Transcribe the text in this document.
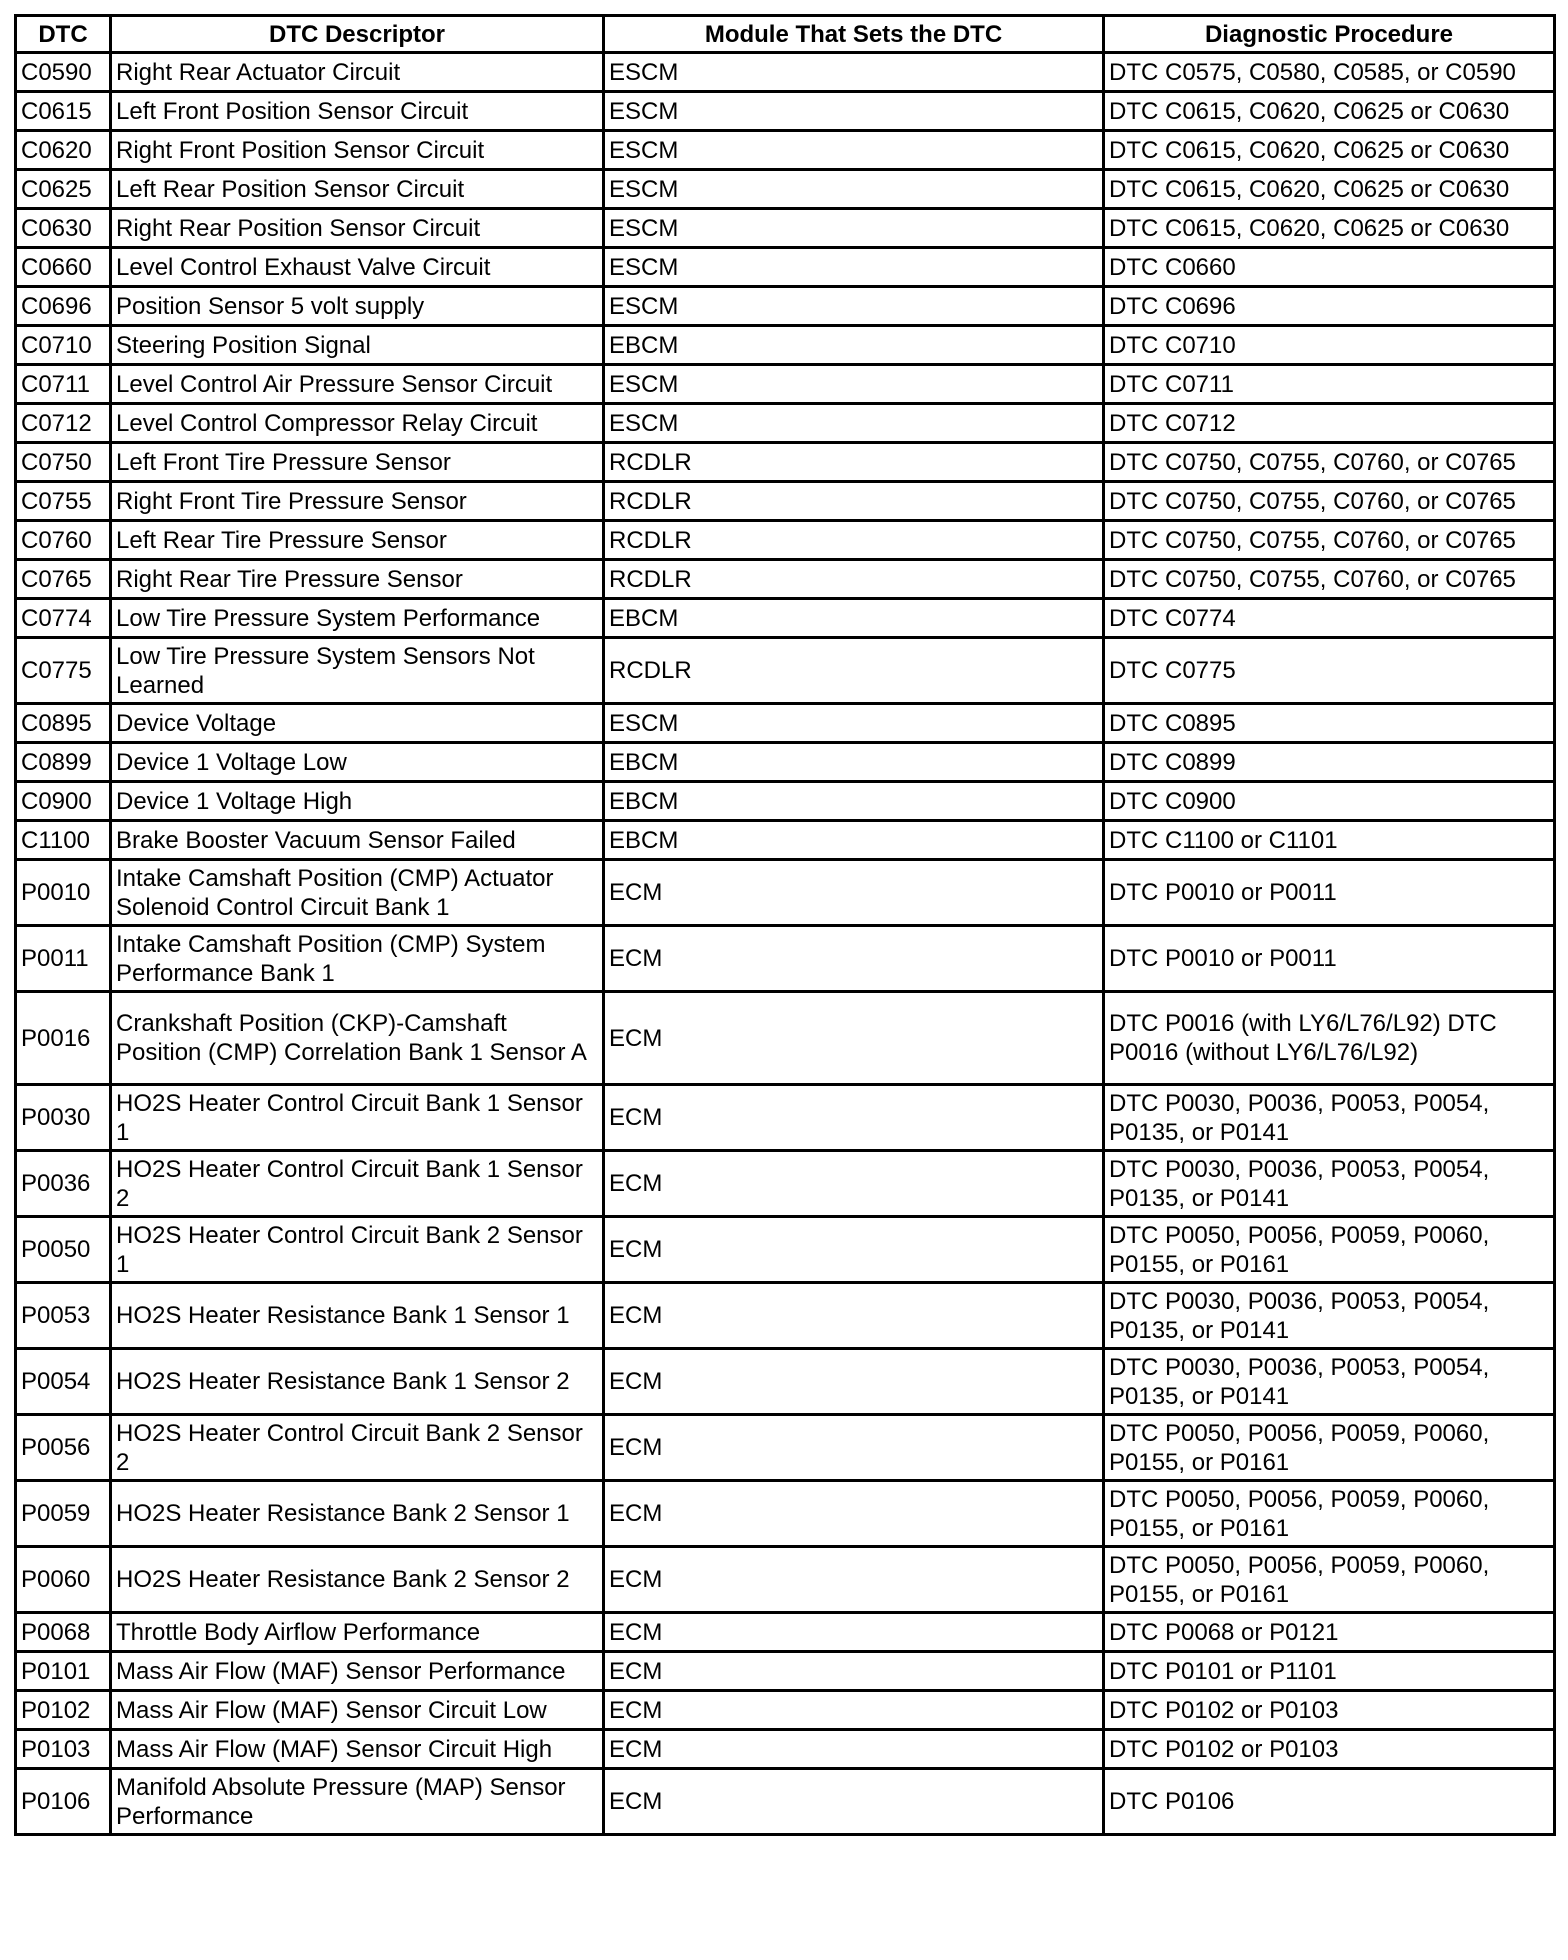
DTC	DTC Descriptor	Module That Sets the DTC	Diagnostic Procedure
C0590	Right Rear Actuator Circuit	ESCM	DTC C0575, C0580, C0585, or C0590
C0615	Left Front Position Sensor Circuit	ESCM	DTC C0615, C0620, C0625 or C0630
C0620	Right Front Position Sensor Circuit	ESCM	DTC C0615, C0620, C0625 or C0630
C0625	Left Rear Position Sensor Circuit	ESCM	DTC C0615, C0620, C0625 or C0630
C0630	Right Rear Position Sensor Circuit	ESCM	DTC C0615, C0620, C0625 or C0630
C0660	Level Control Exhaust Valve Circuit	ESCM	DTC C0660
C0696	Position Sensor 5 volt supply	ESCM	DTC C0696
C0710	Steering Position Signal	EBCM	DTC C0710
C0711	Level Control Air Pressure Sensor Circuit	ESCM	DTC C0711
C0712	Level Control Compressor Relay Circuit	ESCM	DTC C0712
C0750	Left Front Tire Pressure Sensor	RCDLR	DTC C0750, C0755, C0760, or C0765
C0755	Right Front Tire Pressure Sensor	RCDLR	DTC C0750, C0755, C0760, or C0765
C0760	Left Rear Tire Pressure Sensor	RCDLR	DTC C0750, C0755, C0760, or C0765
C0765	Right Rear Tire Pressure Sensor	RCDLR	DTC C0750, C0755, C0760, or C0765
C0774	Low Tire Pressure System Performance	EBCM	DTC C0774
C0775	Low Tire Pressure System Sensors Not Learned	RCDLR	DTC C0775
C0895	Device Voltage	ESCM	DTC C0895
C0899	Device 1 Voltage Low	EBCM	DTC C0899
C0900	Device 1 Voltage High	EBCM	DTC C0900
C1100	Brake Booster Vacuum Sensor Failed	EBCM	DTC C1100 or C1101
P0010	Intake Camshaft Position (CMP) Actuator Solenoid Control Circuit Bank 1	ECM	DTC P0010 or P0011
P0011	Intake Camshaft Position (CMP) System Performance Bank 1	ECM	DTC P0010 or P0011
P0016	Crankshaft Position (CKP)-Camshaft Position (CMP) Correlation Bank 1 Sensor A	ECM	DTC P0016 (with LY6/L76/L92) DTC P0016 (without LY6/L76/L92)
P0030	HO2S Heater Control Circuit Bank 1 Sensor 1	ECM	DTC P0030, P0036, P0053, P0054, P0135, or P0141
P0036	HO2S Heater Control Circuit Bank 1 Sensor 2	ECM	DTC P0030, P0036, P0053, P0054, P0135, or P0141
P0050	HO2S Heater Control Circuit Bank 2 Sensor 1	ECM	DTC P0050, P0056, P0059, P0060, P0155, or P0161
P0053	HO2S Heater Resistance Bank 1 Sensor 1	ECM	DTC P0030, P0036, P0053, P0054, P0135, or P0141
P0054	HO2S Heater Resistance Bank 1 Sensor 2	ECM	DTC P0030, P0036, P0053, P0054, P0135, or P0141
P0056	HO2S Heater Control Circuit Bank 2 Sensor 2	ECM	DTC P0050, P0056, P0059, P0060, P0155, or P0161
P0059	HO2S Heater Resistance Bank 2 Sensor 1	ECM	DTC P0050, P0056, P0059, P0060, P0155, or P0161
P0060	HO2S Heater Resistance Bank 2 Sensor 2	ECM	DTC P0050, P0056, P0059, P0060, P0155, or P0161
P0068	Throttle Body Airflow Performance	ECM	DTC P0068 or P0121
P0101	Mass Air Flow (MAF) Sensor Performance	ECM	DTC P0101 or P1101
P0102	Mass Air Flow (MAF) Sensor Circuit Low	ECM	DTC P0102 or P0103
P0103	Mass Air Flow (MAF) Sensor Circuit High	ECM	DTC P0102 or P0103
P0106	Manifold Absolute Pressure (MAP) Sensor Performance	ECM	DTC P0106
